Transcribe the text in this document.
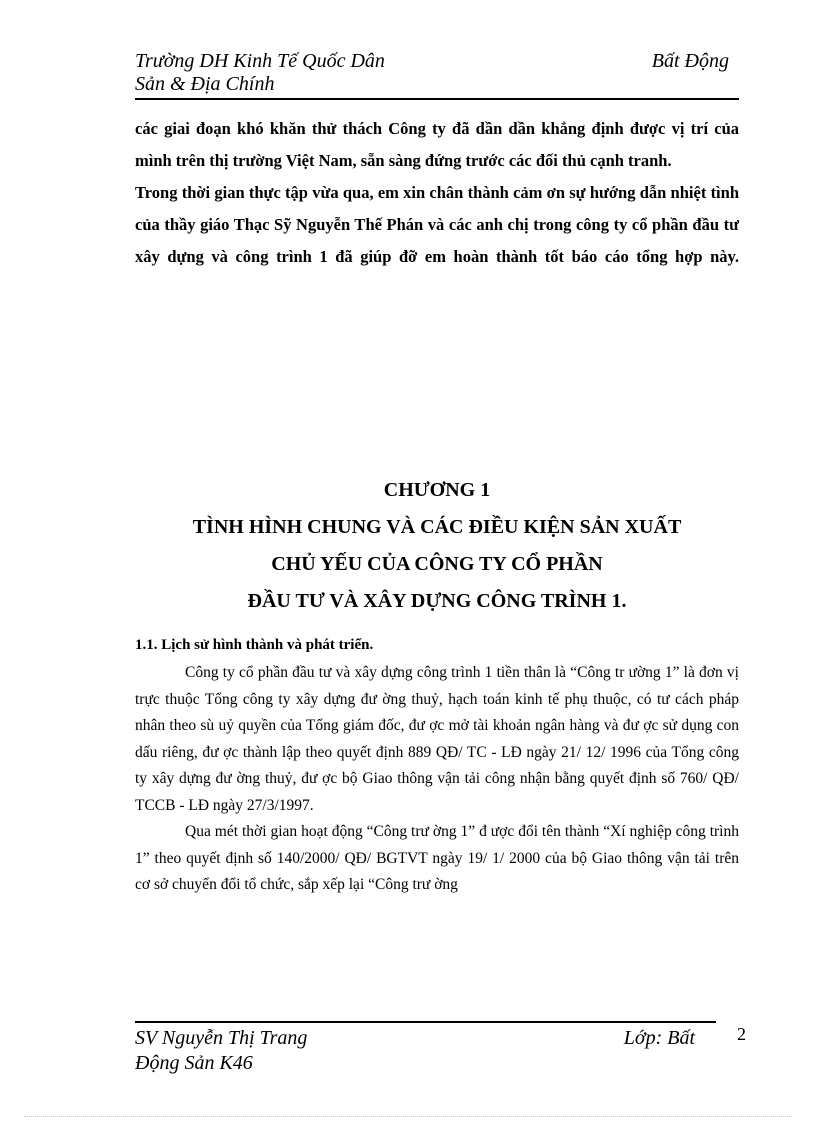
Trường DH Kinh Tế Quốc Dân	Bất Động
Sản & Địa Chính

các giai đoạn khó khăn thử thách Công ty đã dần dần khẳng định được vị trí của mình trên thị trường Việt Nam, sẵn sàng đứng trước các đối thủ cạnh tranh.

Trong thời gian thực tập vừa qua, em xin chân thành cảm ơn sự hướng dẫn nhiệt tình của thầy giáo Thạc Sỹ Nguyễn Thế Phán và các anh chị trong công ty cổ phần đầu tư xây dựng và công trình 1 đã giúp đỡ em hoàn thành tốt báo cáo tổng hợp này.

CHƯƠNG 1
TÌNH HÌNH CHUNG VÀ CÁC ĐIỀU KIỆN SẢN XUẤT
CHỦ YẾU CỦA CÔNG TY CỔ PHẦN
ĐẦU TƯ VÀ XÂY DỰNG CÔNG TRÌNH 1.
1.1. Lịch sử hình thành và phát triển.

Công ty cổ phần đầu tư và xây dựng công trình 1 tiền thân là “Công tr ường 1” là đơn vị trực thuộc Tổng công ty xây dựng đư ờng thuỷ, hạch toán kinh tế phụ thuộc, có tư cách pháp nhân theo sù uỷ quyền của Tổng giám đốc, đư ợc mở tài khoản ngân hàng và đư ợc sử dụng con dấu riêng, đư ợc thành lập theo quyết định 889 QĐ/ TC - LĐ ngày 21/ 12/ 1996 của Tổng công ty xây dựng đư ờng thuỷ, đư ợc bộ Giao thông vận tải công nhận bằng quyết định số 760/ QĐ/ TCCB - LĐ ngày 27/3/1997.

Qua mét thời gian hoạt động “Công trư ờng 1” đ ược đổi tên thành “Xí nghiệp công trình 1” theo quyết định số 140/2000/ QĐ/ BGTVT ngày 19/ 1/ 2000 của bộ Giao thông vận tải trên cơ sở chuyển đổi tổ chức, sắp xếp lại “Công trư ờng

SV Nguyễn Thị Trang	Lớp: Bất
Động Sản K46
2
